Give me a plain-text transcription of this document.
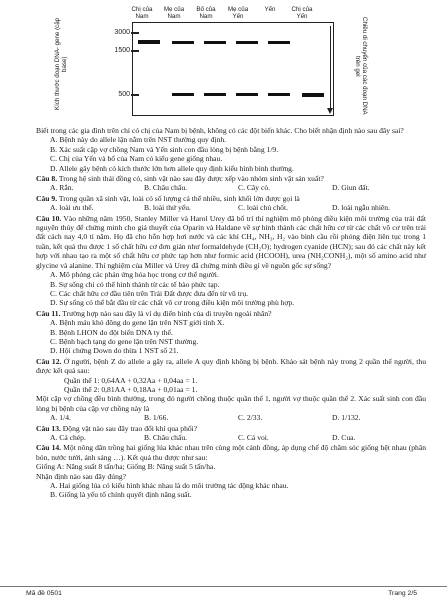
Kích thước đoạn DNA- gene (cặp base)
Chị của Nam
Mẹ của Nam
Bố của Nam
Mẹ của Yến
Yến	Chị của Yến
3000
1500
500	Chiều di chuyển của các đoạn DNA trên gel

Biết trong các gia đình trên chỉ có chị của Nam bị bệnh, không có các đột biến khác. Cho biết nhận định nào sau đây sai?

A. Bệnh này do allele lặn nằm trên NST thường quy định.

B. Xác suất cặp vợ chồng Nam và Yến sinh con đầu lòng bị bệnh bằng 1/9.

C. Chị của Yến và bố của Nam có kiểu gene giống nhau.

D. Allele gây bệnh có kích thước lớn hơn allele quy định kiểu hình bình thường.

Câu 8. Trong hệ sinh thái đồng cỏ, sinh vật nào sau đây được xếp vào nhóm sinh vật sản xuất?

A. Rắn.	B. Châu chấu.	C. Cây cỏ.	D. Giun đất.

Câu 9. Trong quần xã sinh vật, loài có số lượng cá thể nhiều, sinh khối lớn được gọi là

A. loài ưu thế.	B. loài thứ yếu.	C. loài chủ chốt.	D. loài ngẫu nhiên.

Câu 10. Vào những năm 1950, Stanley Miller và Harol Urey đã bố trí thí nghiệm mô phỏng điều kiện môi trường của trái đất nguyên thủy để chứng minh cho giả thuyết của Oparin và Haldane về sự hình thành các chất hữu cơ từ các chất vô cơ trên trái đất cách nay 4,0 tỉ năm. Họ đã cho hỗn hợp hơi nước và các khí CH₄, NH₃, H₂ vào bình cầu rồi phóng điện liên tục trong 1 tuần, kết quả thu được 1 số chất hữu cơ đơn giản như formaldehyde (CH₂O); hydrogen cyanide (HCN); sau đó các chất này kết hợp với nhau tạo ra một số chất hữu cơ phức tạp hơn như formic acid (HCOOH), urea (NH₂CONH₂), một số amino acid như glycine và alanine. Thí nghiệm của Miller và Urey đã chứng minh điều gì về nguồn gốc sự sống?

A. Mô phỏng các phản ứng hóa học trong cơ thể người.

B. Sự sống chỉ có thể hình thành từ các tế bào phức tạp.

C. Các chất hữu cơ đầu tiên trên Trái Đất được đưa đến từ vũ trụ.

D. Sự sống có thể bắt đầu từ các chất vô cơ trong điều kiện môi trường phù hợp.

Câu 11. Trường hợp nào sau đây là ví dụ điển hình của di truyền ngoài nhân?

A. Bệnh máu khó đông do gene lặn trên NST giới tính X.

B. Bệnh LHON do đột biến DNA ty thể.

C. Bệnh bạch tạng do gene lặn trên NST thường.

D. Hội chứng Down do thừa 1 NST số 21.

Câu 12. Ở người, bệnh Z do allele a gây ra, allele A quy định không bị bệnh. Khảo sát bệnh này trong 2 quần thể người, thu được kết quả sau:

Quần thể 1: 0,64AA + 0,32Aa + 0,04aa = 1.

Quần thể 2: 0,81AA + 0,18Aa + 0,01aa = 1.

Một cặp vợ chồng đều bình thường, trong đó người chồng thuộc quần thể 1, người vợ thuộc quần thể 2. Xác suất sinh con đầu lòng bị bệnh của cặp vợ chồng này là

A. 1/4.	B. 1/66.	C. 2/33.	D. 1/132.

Câu 13. Động vật nào sau đây trao đổi khí qua phổi?

A. Cá chép.	B. Châu chấu.	C. Cá voi.	D. Cua.

Câu 14. Một nông dân trồng hai giống lúa khác nhau trên cùng một cánh đồng, áp dụng chế độ chăm sóc giống hệt nhau (phân bón, nước tưới, ánh sáng …). Kết quả thu được như sau:

Giống A: Năng suất 8 tấn/ha; Giống B: Năng suất 5 tấn/ha.

Nhận định nào sau đây đúng?

A. Hai giống lúa có kiểu hình khác nhau là do môi trường tác động khác nhau.

B. Giống là yếu tố chính quyết định năng suất.

Mã đề 0501	Trang 2/5
